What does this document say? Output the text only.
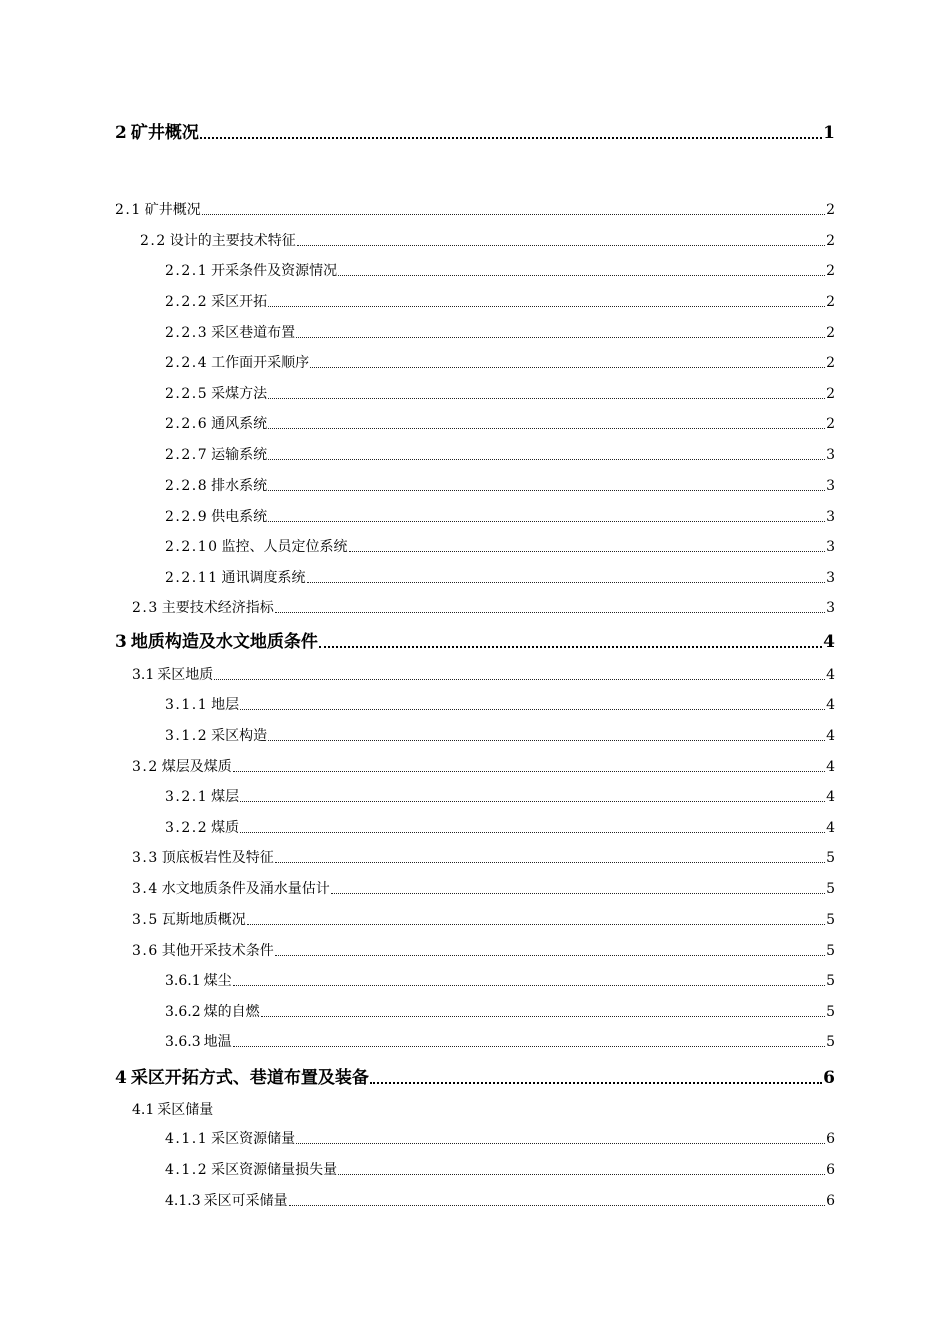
2 矿井概况	1
2.1 矿井概况	2
2.2 设计的主要技术特征	2
2.2.1 开采条件及资源情况	2
2.2.2 采区开拓	2
2.2.3 采区巷道布置	2
2.2.4 工作面开采顺序	2
2.2.5 采煤方法	2
2.2.6 通风系统	2
2.2.7 运输系统	3
2.2.8 排水系统	3
2.2.9 供电系统	3
2.2.10 监控、人员定位系统	3
2.2.11 通讯调度系统	3
2.3 主要技术经济指标	3
3 地质构造及水文地质条件	4
3.1 采区地质	4
3.1.1 地层	4
3.1.2 采区构造	4
3.2 煤层及煤质	4
3.2.1 煤层	4
3.2.2 煤质	4
3.3 顶底板岩性及特征	5
3.4 水文地质条件及涌水量估计	5
3.5 瓦斯地质概况	5
3.6 其他开采技术条件	5
3.6.1 煤尘	5
3.6.2 煤的自燃	5
3.6.3 地温	5
4 采区开拓方式、巷道布置及装备	6
4.1 采区储量
4.1.1 采区资源储量	6
4.1.2 采区资源储量损失量	6
4.1.3 采区可采储量	6
